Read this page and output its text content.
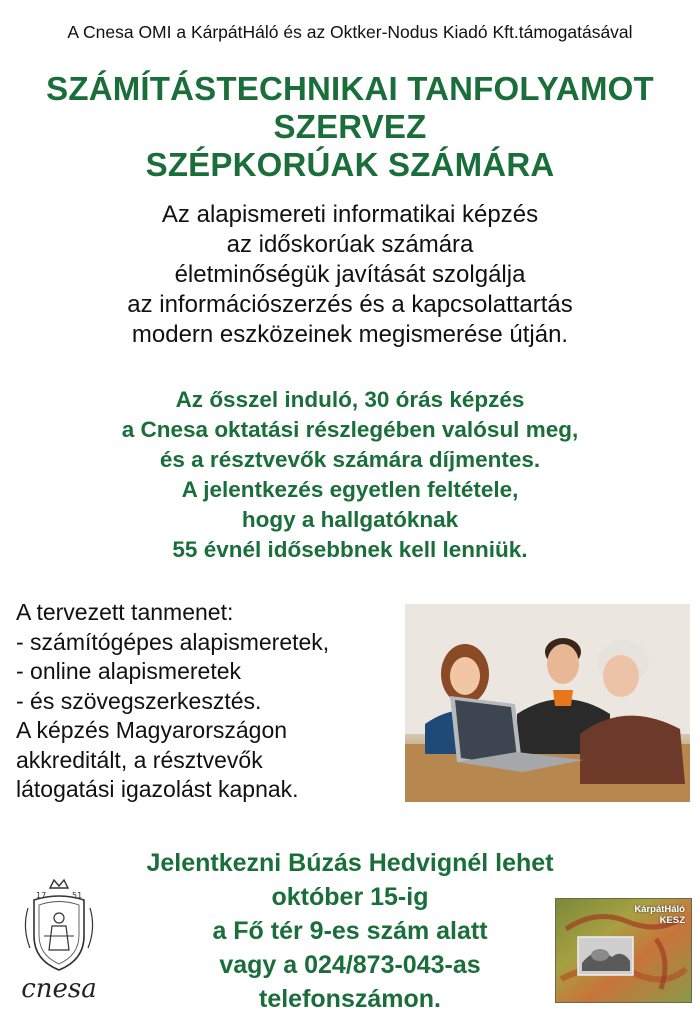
A Cnesa OMI a KárpátHáló és az Oktker-Nodus Kiadó Kft.támogatásával
SZÁMÍTÁSTECHNIKAI TANFOLYAMOT
SZERVEZ
SZÉPKORÚAK SZÁMÁRA
Az alapismereti informatikai képzés
az időskorúak számára
életminőségük javítását szolgálja
az információszerzés és a kapcsolattartás
modern eszközeinek megismerése útján.
Az ősszel induló, 30 órás képzés
a Cnesa oktatási részlegében valósul meg,
és a résztvevők számára díjmentes.
A jelentkezés egyetlen feltétele,
hogy a hallgatóknak
55 évnél idősebbnek kell lenniük.
A tervezett tanmenet:
- számítógépes alapismeretek,
- online alapismeretek
- és szövegszerkesztés.
A képzés Magyarországon
akkreditált, a résztvevők
látogatási igazolást kapnak.
Jelentkezni Búzás Hedvignél lehet
október 15-ig
a Fő tér 9-es szám alatt
vagy a 024/873-043-as
telefonszámon.
17	51
cnesa
KárpátHáló
KESZ
